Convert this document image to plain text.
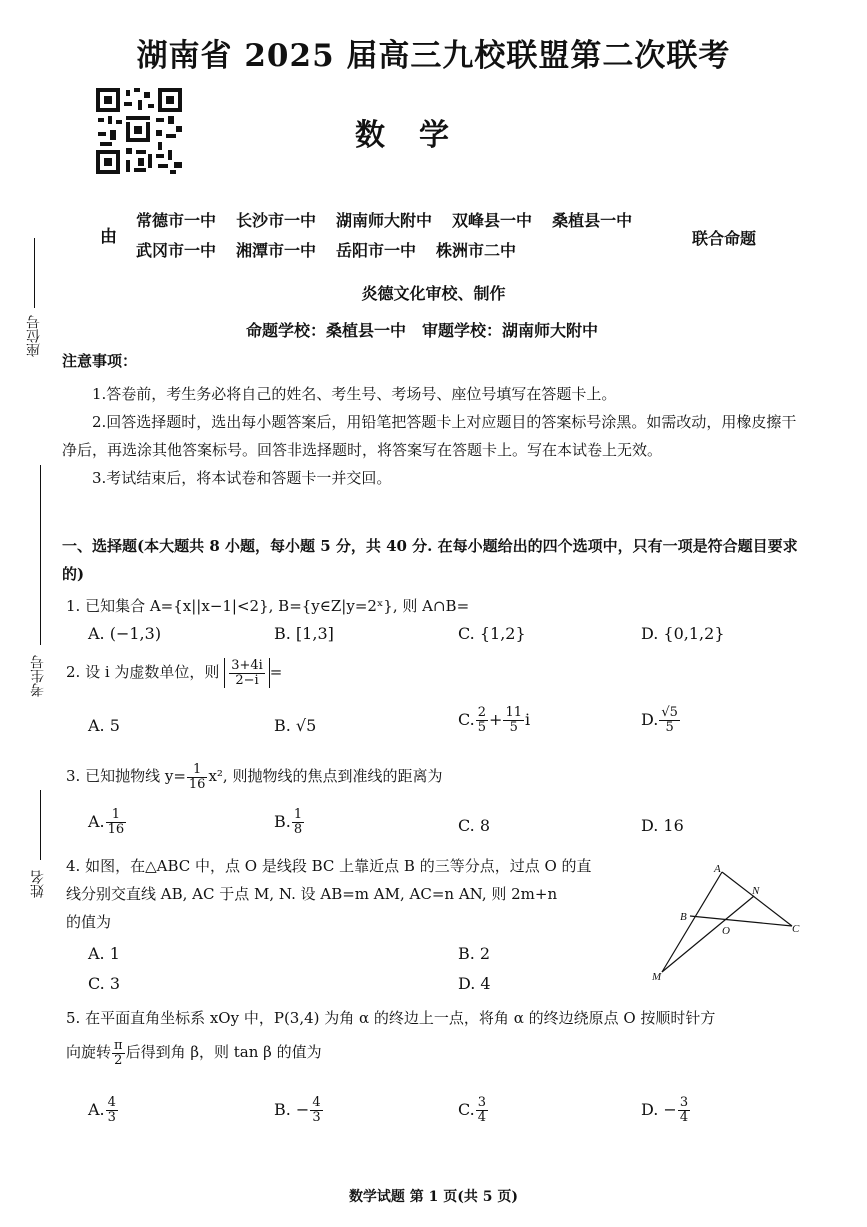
湖南省 2025 届高三九校联盟第二次联考
数学
由
常德市一中 长沙市一中 湖南师大附中 双峰县一中 桑植县一中
武冈市一中 湘潭市一中 岳阳市一中 株洲市二中
联合命题
炎德文化审校、制作
命题学校：桑植县一中　审题学校：湖南师大附中
座位号
考生号
姓名
注意事项：

1.答卷前，考生务必将自己的姓名、考生号、考场号、座位号填写在答题卡上。

2.回答选择题时，选出每小题答案后，用铅笔把答题卡上对应题目的答案标号涂黑。如需改动，用橡皮擦干净后，再选涂其他答案标号。回答非选择题时，将答案写在答题卡上。写在本试卷上无效。

3.考试结束后，将本试卷和答题卡一并交回。

一、选择题(本大题共 8 小题，每小题 5 分，共 40 分. 在每小题给出的四个选项中，只有一项是符合题目要求的)
1. 已知集合 A={x||x−1|<2}, B={y∈Z|y=2ˣ}, 则 A∩B=
A. (−1,3)	B. [1,3]	C. {1,2}	D. {0,1,2}
2. 设 i 为虚数单位，则 $\frac{3+4i}{2-i}$ =
A. 5	B. √5	C. $\frac{2}{5} + \frac{11}{5}$ i	D. $\frac{√5}{5}$
3. 已知抛物线 $y= \frac{1}{16} x^2$, 则抛物线的焦点到准线的距离为
A. $\frac{1}{16}$	B. $\frac{1}{8}$	C. 8	D. 16
4. 如图，在△ABC 中，点 O 是线段 BC 上靠近点 B 的三等分点，过点 O 的直
线分别交直线 AB, AC 于点 M, N. 设 AB=m AM, AC=n AN, 则 2m+n
的值为
A. 1	B. 2
C. 3	D. 4
A
B
C
N
O
M
5. 在平面直角坐标系 xOy 中，P(3,4) 为角 α 的终边上一点，将角 α 的终边绕原点 O 按顺时针方
向旋转 $\frac{\pi}{2}$ 后得到角 β，则 tan β 的值为
A. $\frac{4}{3}$	B. − $\frac{4}{3}$	C. $\frac{3}{4}$	D. − $\frac{3}{4}$
数学试题 第 1 页(共 5 页)
